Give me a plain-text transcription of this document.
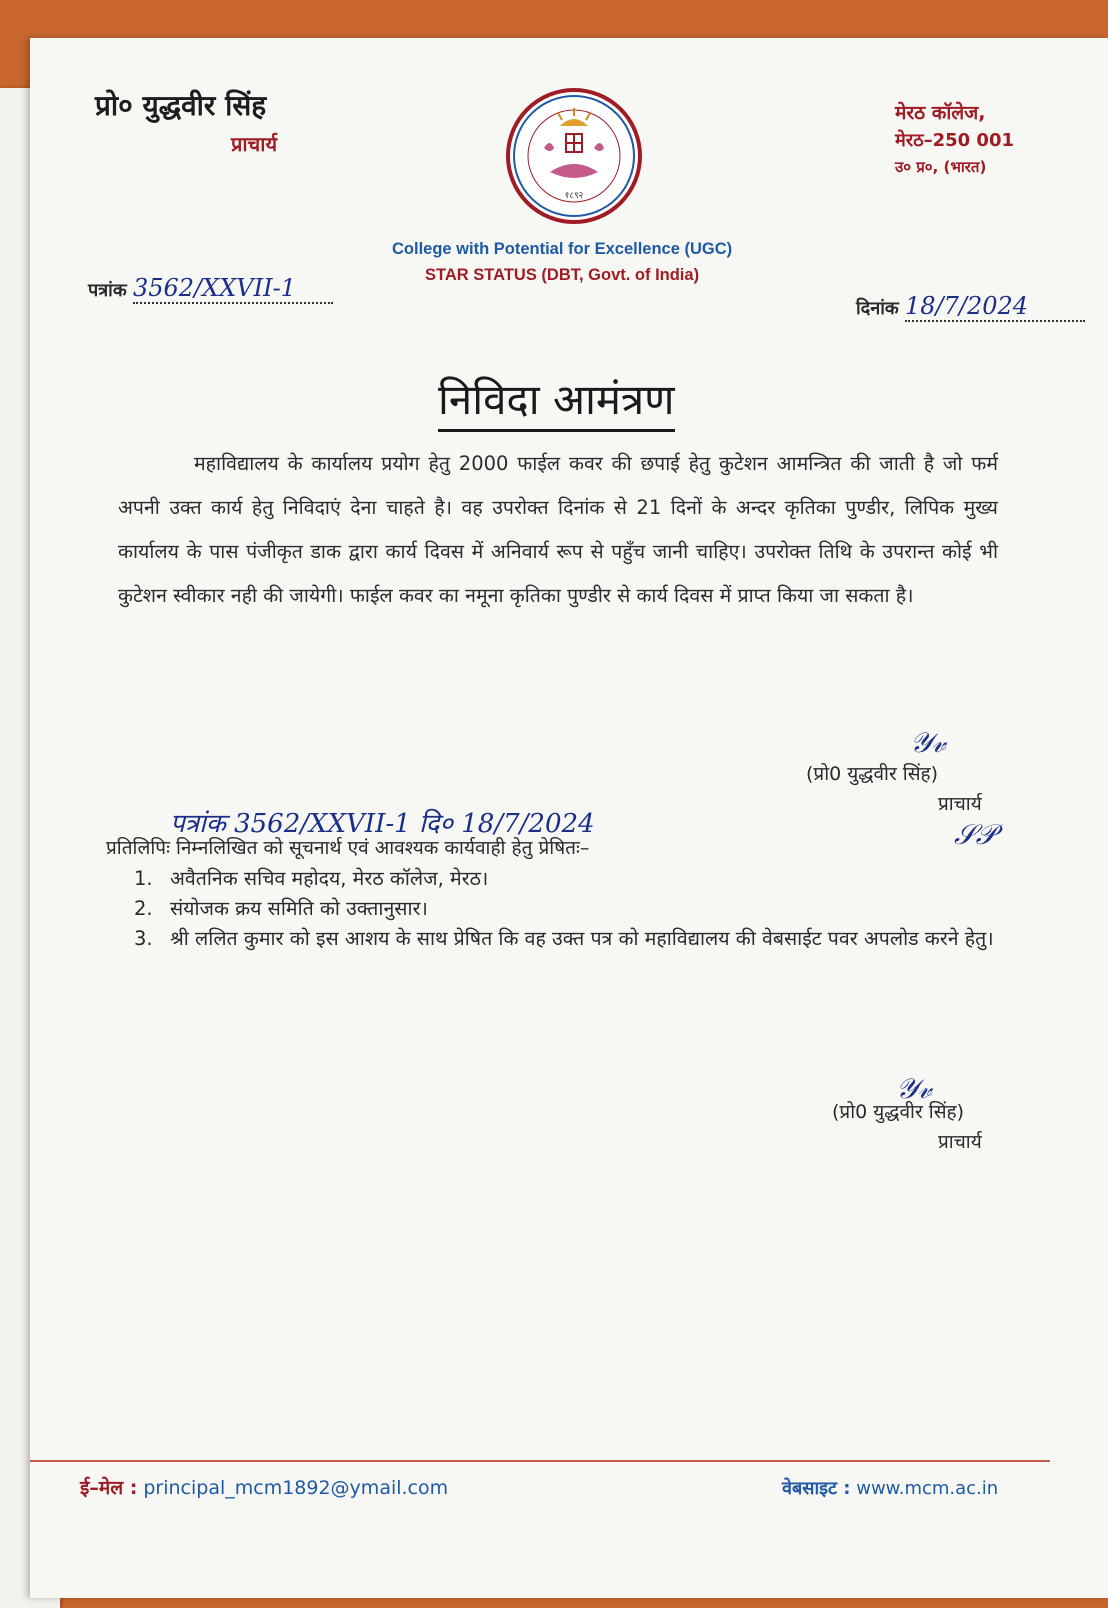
प्रो० युद्धवीर सिंह
प्राचार्य
मेरठ कॉलेज,
मेरठ–250 001
उ० प्र०, (भारत)
१८९२
College with Potential for Excellence (UGC)
STAR STATUS (DBT, Govt. of India)
पत्रांक 3562/XXVII-1
दिनांक 18/7/2024
निविदा आमंत्रण

महाविद्यालय के कार्यालय प्रयोग हेतु 2000 फाईल कवर की छपाई हेतु कुटेशन आमन्त्रित की जाती है जो फर्म अपनी उक्त कार्य हेतु निविदाएं देना चाहते है। वह उपरोक्त दिनांक से 21 दिनों के अन्दर कृतिका पुण्डीर, लिपिक मुख्य कार्यालय के पास पंजीकृत डाक द्वारा कार्य दिवस में अनिवार्य रूप से पहुँच जानी चाहिए। उपरोक्त तिथि के उपरान्त कोई भी कुटेशन स्वीकार नही की जायेगी। फाईल कवर का नमूना कृतिका पुण्डीर से कार्य दिवस में प्राप्त किया जा सकता है।

𝒴𝓋
(प्रो0 युद्धवीर सिंह)
प्राचार्य
𝒮𝒫
पत्रांक 3562/XXVII-1 दि० 18/7/2024
प्रतिलिपिः निम्नलिखित को सूचनार्थ एवं आवश्यक कार्यवाही हेतु प्रेषितः–
1. अवैतनिक सचिव महोदय, मेरठ कॉलेज, मेरठ।
2. संयोजक क्रय समिति को उक्तानुसार।
3. श्री ललित कुमार को इस आशय के साथ प्रेषित कि वह उक्त पत्र को महाविद्यालय की वेबसाईट पवर अपलोड करने हेतु।
𝒴𝓋
(प्रो0 युद्धवीर सिंह)
प्राचार्य
ई–मेल : principal_mcm1892@ymail.com	वेबसाइट : www.mcm.ac.in
